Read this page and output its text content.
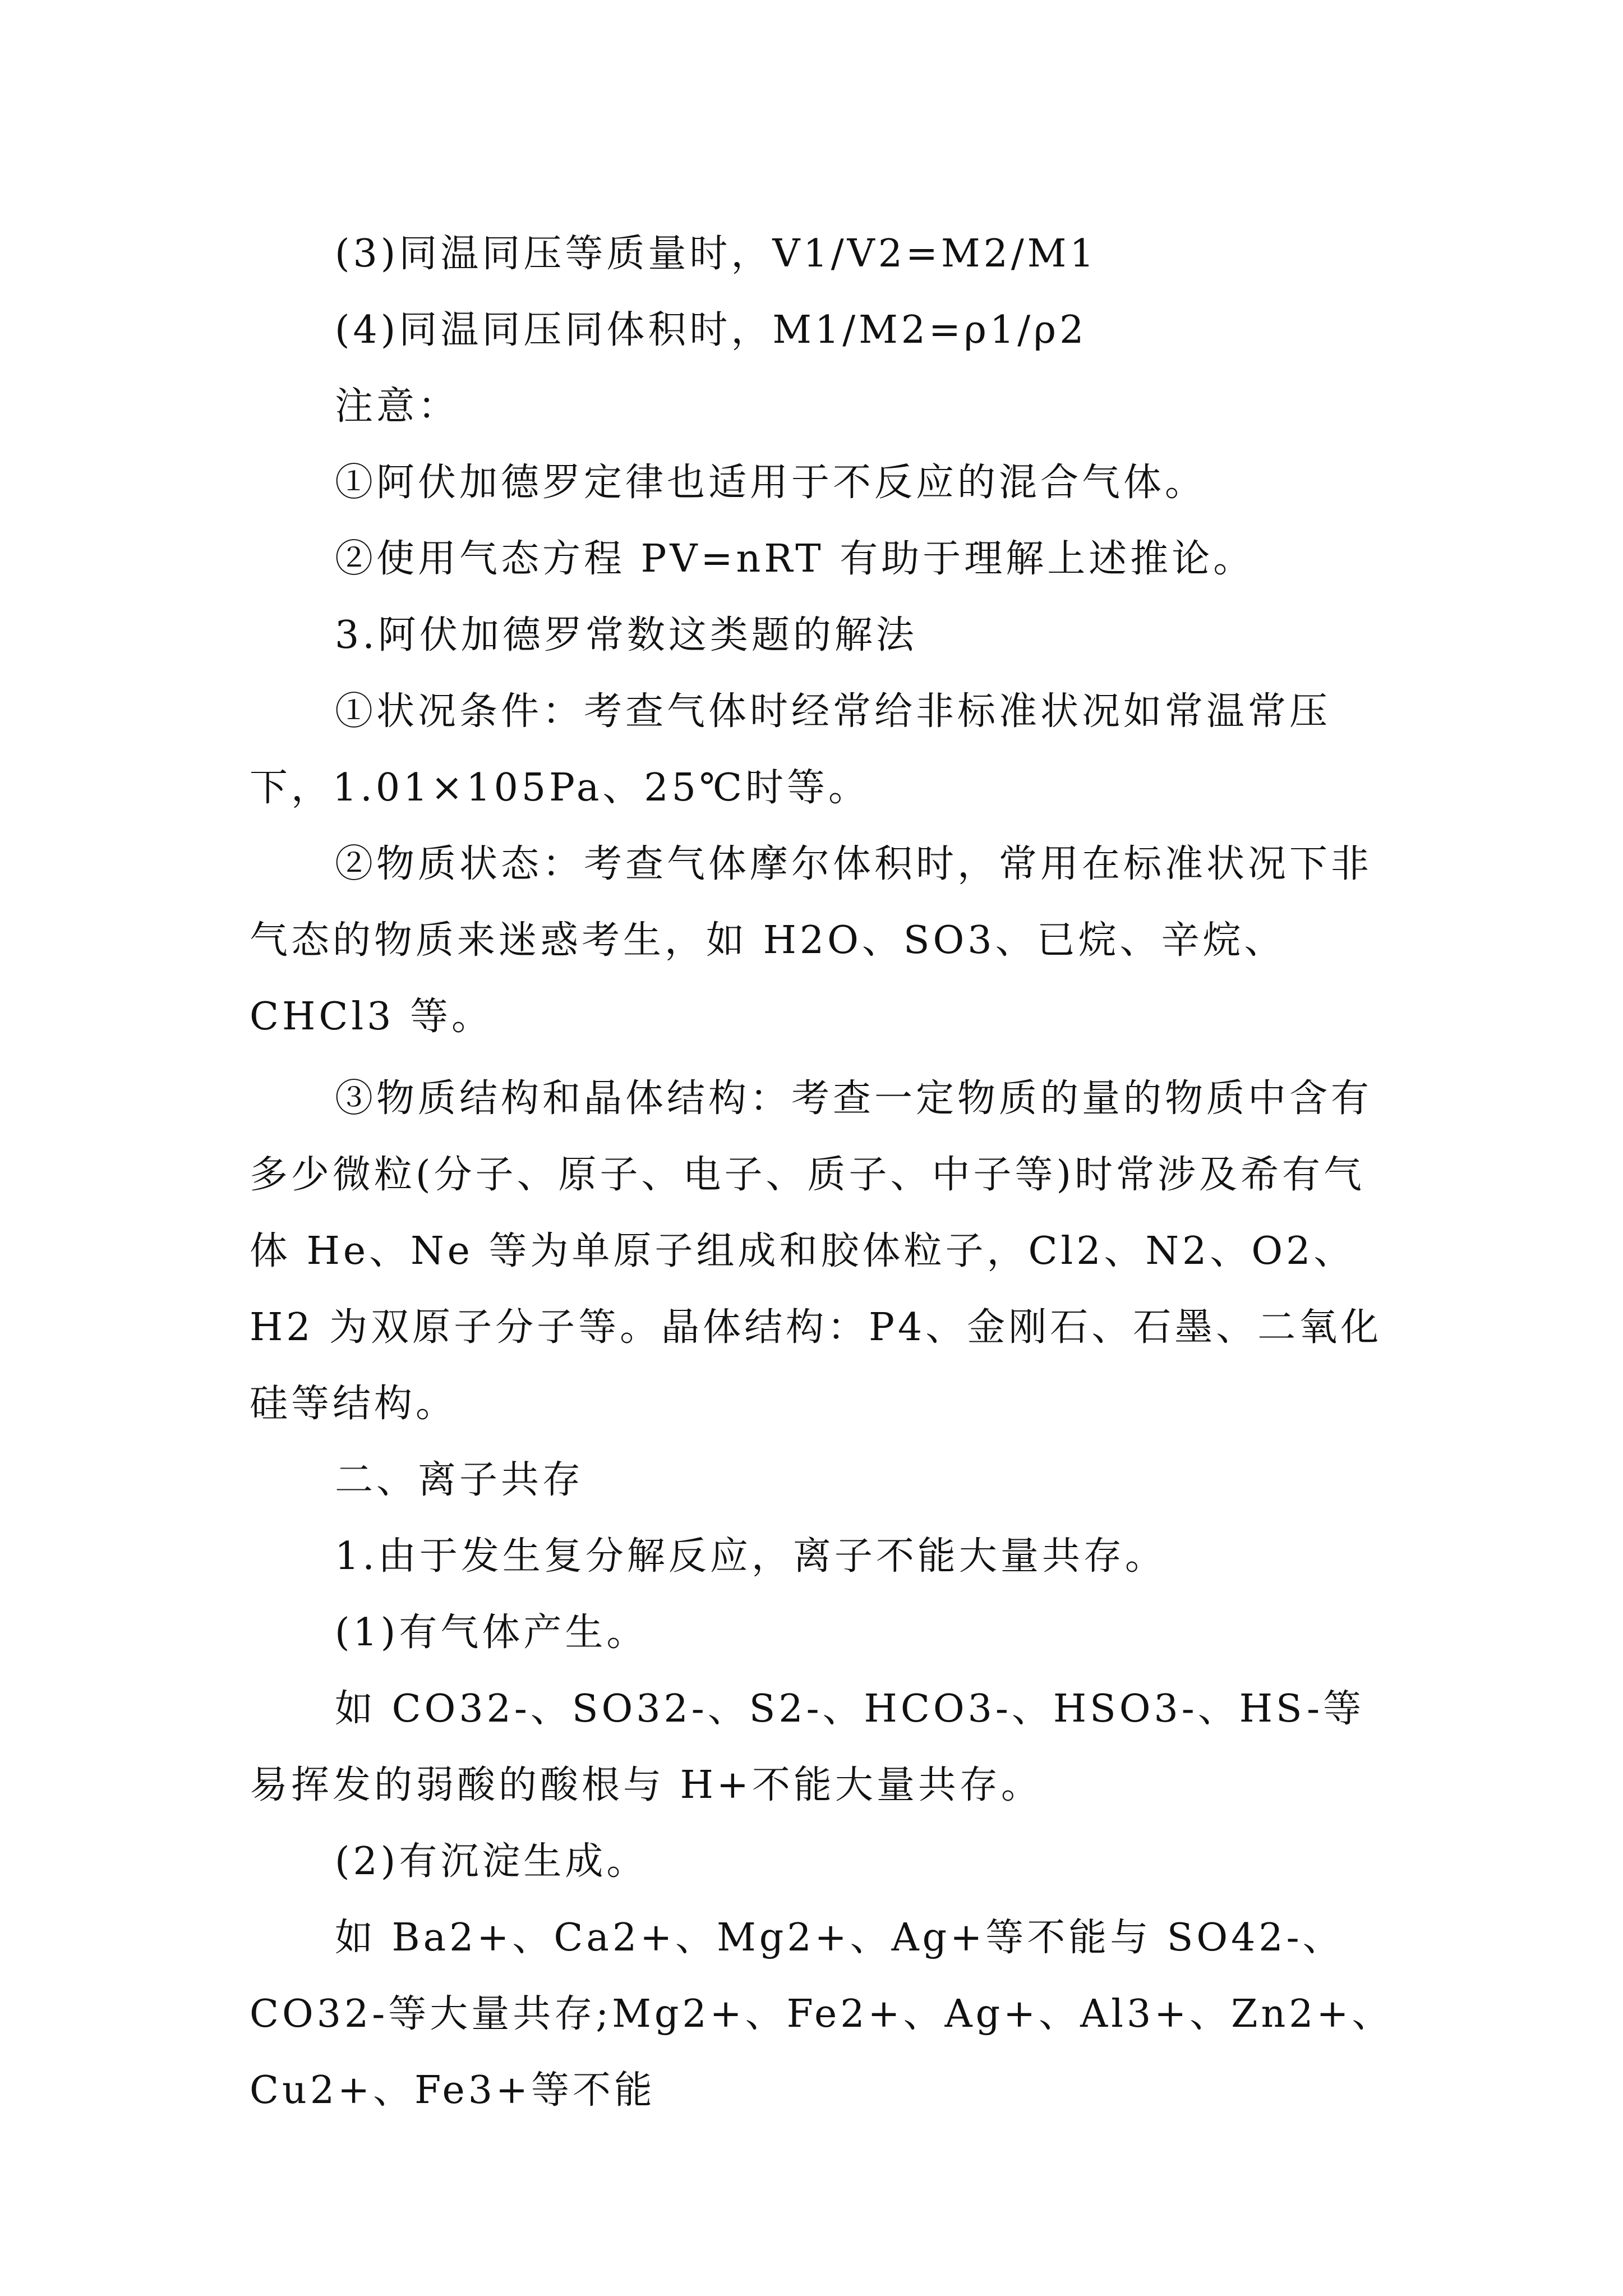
(3)同温同压等质量时，V1/V2=M2/M1

(4)同温同压同体积时，M1/M2=ρ1/ρ2

注意：

①阿伏加德罗定律也适用于不反应的混合气体。

②使用气态方程 PV=nRT 有助于理解上述推论。

3.阿伏加德罗常数这类题的解法

①状况条件：考查气体时经常给非标准状况如常温常压下，1.01×105Pa、25℃时等。

②物质状态：考查气体摩尔体积时，常用在标准状况下非气态的物质来迷惑考生，如 H2O、SO3、已烷、辛烷、CHCl3 等。

③物质结构和晶体结构：考查一定物质的量的物质中含有多少微粒(分子、原子、电子、质子、中子等)时常涉及希有气体 He、Ne 等为单原子组成和胶体粒子，Cl2、N2、O2、H2 为双原子分子等。晶体结构：P4、金刚石、石墨、二氧化硅等结构。

二、离子共存

1.由于发生复分解反应，离子不能大量共存。

(1)有气体产生。

如 CO32-、SO32-、S2-、HCO3-、HSO3-、HS-等易挥发的弱酸的酸根与 H+不能大量共存。

(2)有沉淀生成。

如 Ba2+、Ca2+、Mg2+、Ag+等不能与 SO42-、CO32-等大量共存;Mg2+、Fe2+、Ag+、Al3+、Zn2+、Cu2+、Fe3+等不能
